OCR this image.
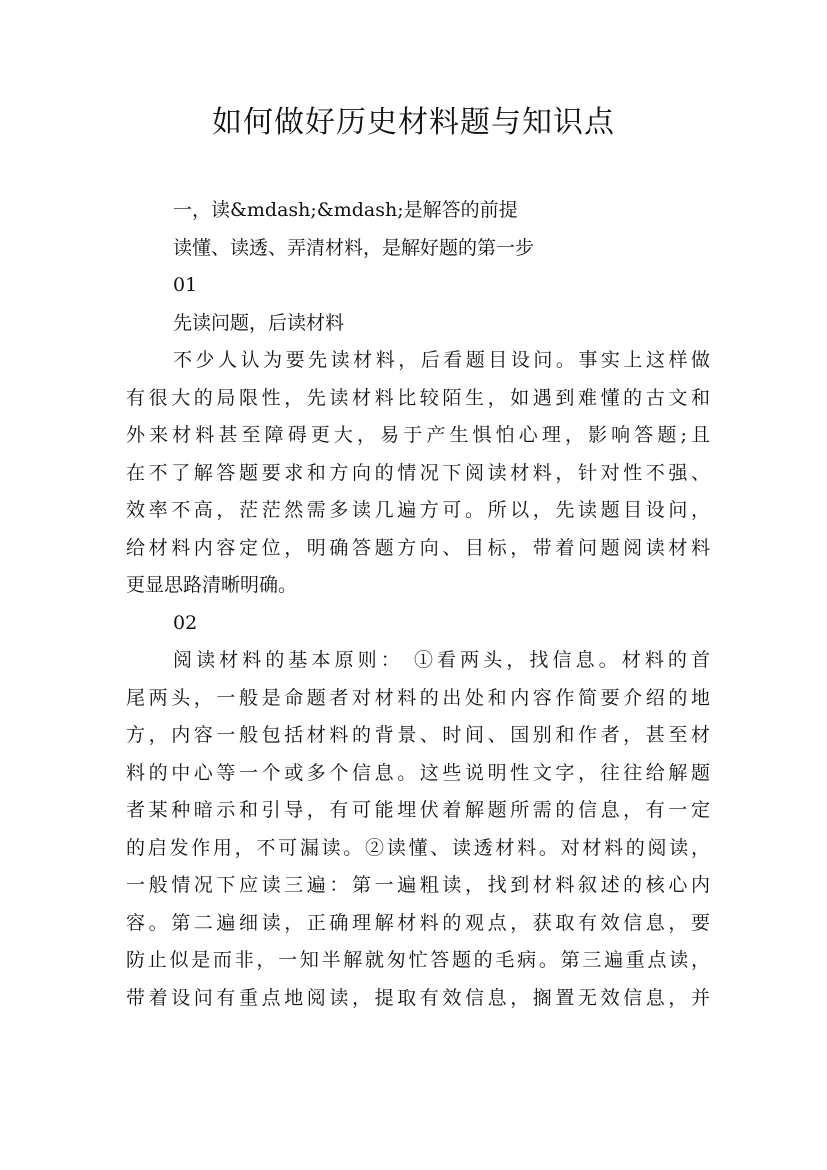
如何做好历史材料题与知识点
一，读&mdash;&mdash;是解答的前提
读懂、读透、弄清材料，是解好题的第一步
01
先读问题，后读材料
不少人认为要先读材料，后看题目设问。事实上这样做
有很大的局限性，先读材料比较陌生，如遇到难懂的古文和
外来材料甚至障碍更大，易于产生惧怕心理，影响答题;且
在不了解答题要求和方向的情况下阅读材料，针对性不强、
效率不高，茫茫然需多读几遍方可。所以，先读题目设问，
给材料内容定位，明确答题方向、目标，带着问题阅读材料
更显思路清晰明确。
02
阅读材料的基本原则： ①看两头，找信息。材料的首
尾两头，一般是命题者对材料的出处和内容作简要介绍的地
方，内容一般包括材料的背景、时间、国别和作者，甚至材
料的中心等一个或多个信息。这些说明性文字，往往给解题
者某种暗示和引导，有可能埋伏着解题所需的信息，有一定
的启发作用，不可漏读。②读懂、读透材料。对材料的阅读，
一般情况下应读三遍：第一遍粗读，找到材料叙述的核心内
容。第二遍细读，正确理解材料的观点，获取有效信息，要
防止似是而非，一知半解就匆忙答题的毛病。第三遍重点读，
带着设问有重点地阅读，提取有效信息，搁置无效信息，并
